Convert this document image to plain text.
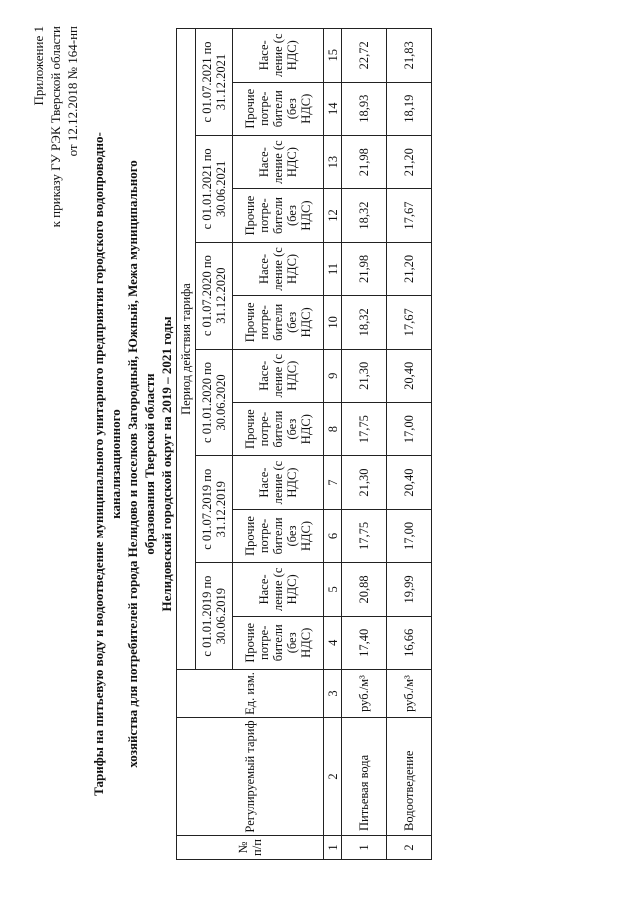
Приложение 1 к приказу ГУ РЭК Тверской области от 12.12.2018 № 164-нп
Тарифы на питьевую воду и водоотведение муниципального унитарного предприятия городского водопроводно-канализационного хозяйства для потребителей города Нелидово и поселков Загородный, Южный, Межа муниципального образования Тверской области Нелидовский городской округ на 2019 – 2021 годы
№ п/п	Регулируемый тариф	Ед. изм.	Период действия тарифа											
			с 01.01.2019 по 30.06.2019		с 01.07.2019 по 31.12.2019		с 01.01.2020 по 30.06.2020		с 01.07.2020 по 31.12.2020		с 01.01.2021 по 30.06.2021		с 01.07.2021 по 31.12.2021	
			Прочие потре-бители (без НДС)	Насе-ление (с НДС)	Прочие потре-бители (без НДС)	Насе-ление (с НДС)	Прочие потре-бители (без НДС)	Насе-ление (с НДС)	Прочие потре-бители (без НДС)	Насе-ление (с НДС)	Прочие потре-бители (без НДС)	Насе-ление (с НДС)	Прочие потре-бители (без НДС)	Насе-ление (с НДС)
1	2	3	4	5	6	7	8	9	10	11	12	13	14	15
1	Питьевая вода	руб./м³	17,40	20,88	17,75	21,30	17,75	21,30	18,32	21,98	18,32	21,98	18,93	22,72
2	Водоотведение	руб./м³	16,66	19,99	17,00	20,40	17,00	20,40	17,67	21,20	17,67	21,20	18,19	21,83
